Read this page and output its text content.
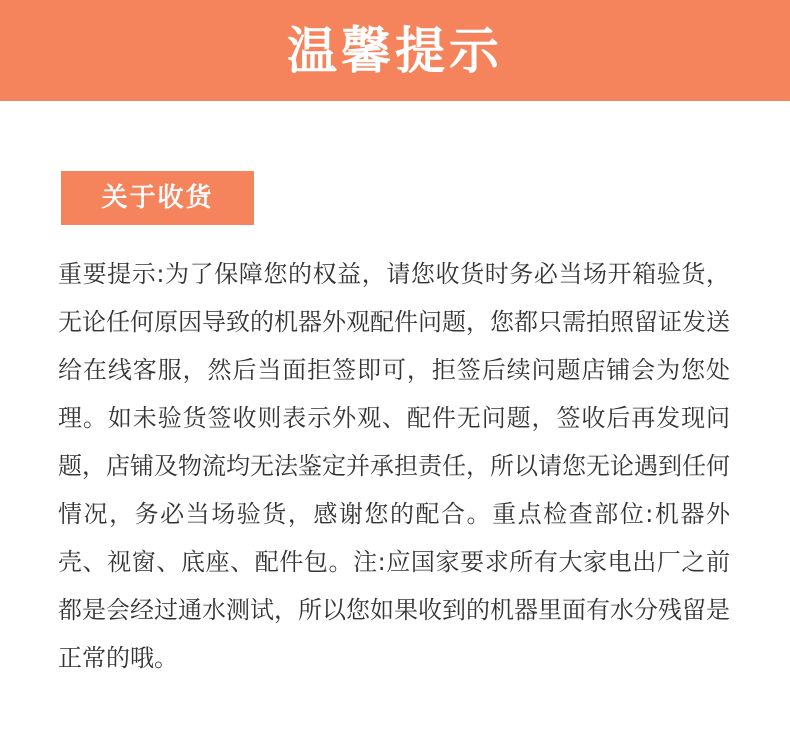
温馨提示
关于收货

重要提示:为了保障您的权益，请您收货时务必当场开箱验货，无论任何原因导致的机器外观配件问题，您都只需拍照留证发送给在线客服，然后当面拒签即可，拒签后续问题店铺会为您处理。如未验货签收则表示外观、配件无问题，签收后再发现问题，店铺及物流均无法鉴定并承担责任，所以请您无论遇到任何情况，务必当场验货，感谢您的配合。重点检查部位:机器外壳、视窗、底座、配件包。注:应国家要求所有大家电出厂之前都是会经过通水测试，所以您如果收到的机器里面有水分残留是正常的哦。
